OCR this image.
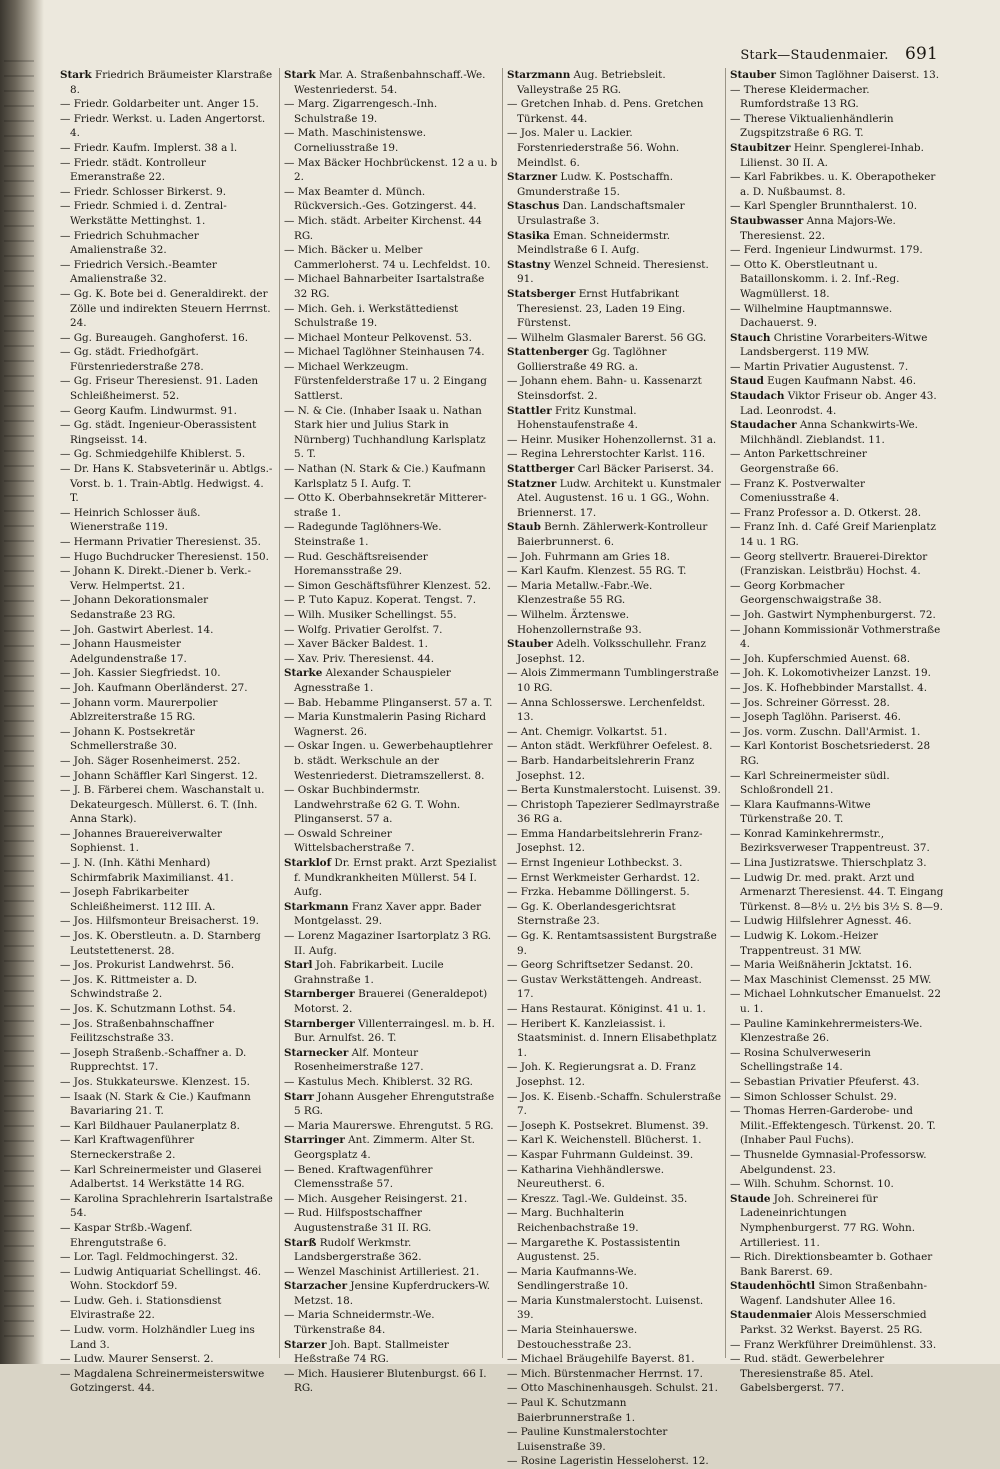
Stark—Staudenmaier. 691

Stark Friedrich Bräumeister Klarstraße 8.

— Friedr. Goldarbeiter unt. Anger 15.

— Friedr. Werkst. u. Laden Angertorst. 4.

— Friedr. Kaufm. Implerst. 38 a l.

— Friedr. städt. Kontrolleur Emeranstraße 22.

— Friedr. Schlosser Birkerst. 9.

— Friedr. Schmied i. d. Zentral-Werkstätte Mettinghst. 1.

— Friedrich Schuhmacher Amalienstraße 32.

— Friedrich Versich.-Beamter Amalienstraße 32.

— Gg. K. Bote bei d. Generaldirekt. der Zölle und indirekten Steuern Herrnst. 24.

— Gg. Bureaugeh. Ganghoferst. 16.

— Gg. städt. Friedhofgärt. Fürstenriederstraße 278.

— Gg. Friseur Theresienst. 91. Laden Schleißheimerst. 52.

— Georg Kaufm. Lindwurmst. 91.

— Gg. städt. Ingenieur-Oberassistent Ringseisst. 14.

— Gg. Schmiedgehilfe Khiblerst. 5.

— Dr. Hans K. Stabsveterinär u. Abtlgs.-Vorst. b. 1. Train-Abtlg. Hedwigst. 4. T.

— Heinrich Schlosser äuß. Wienerstraße 119.

— Hermann Privatier Theresienst. 35.

— Hugo Buchdrucker Theresienst. 150.

— Johann K. Direkt.-Diener b. Verk.-Verw. Helmpertst. 21.

— Johann Dekorationsmaler Sedanstraße 23 RG.

— Joh. Gastwirt Aberlest. 14.

— Johann Hausmeister Adelgundenstraße 17.

— Joh. Kassier Siegfriedst. 10.

— Joh. Kaufmann Oberländerst. 27.

— Johann vorm. Maurerpolier Ablzreiterstraße 15 RG.

— Johann K. Postsekretär Schmellerstraße 30.

— Joh. Säger Rosenheimerst. 252.

— Johann Schäffler Karl Singerst. 12.

— J. B. Färberei chem. Waschanstalt u. Dekateurgesch. Müllerst. 6. T. (Inh. Anna Stark).

— Johannes Brauereiverwalter Sophienst. 1.

— J. N. (Inh. Käthi Menhard) Schirmfabrik Maximilianst. 41.

— Joseph Fabrikarbeiter Schleißheimerst. 112 III. A.

— Jos. Hilfsmonteur Breisacherst. 19.

— Jos. K. Oberstleutn. a. D. Starnberg Leutstettenerst. 28.

— Jos. Prokurist Landwehrst. 56.

— Jos. K. Rittmeister a. D. Schwindstraße 2.

— Jos. K. Schutzmann Lothst. 54.

— Jos. Straßenbahnschaffner Feilitzschstraße 33.

— Joseph Straßenb.-Schaffner a. D. Rupprechtst. 17.

— Jos. Stukkateurswe. Klenzest. 15.

— Isaak (N. Stark & Cie.) Kaufmann Bavariaring 21. T.

— Karl Bildhauer Paulanerplatz 8.

— Karl Kraftwagenführer Sterneckerstraße 2.

— Karl Schreinermeister und Glaserei Adalbertst. 14 Werkstätte 14 RG.

— Karolina Sprachlehrerin Isartalstraße 54.

— Kaspar Strßb.-Wagenf. Ehrengutstraße 6.

— Lor. Tagl. Feldmochingerst. 32.

— Ludwig Antiquariat Schellingst. 46. Wohn. Stockdorf 59.

— Ludw. Geh. i. Stationsdienst Elvirastraße 22.

— Ludw. vorm. Holzhändler Lueg ins Land 3.

— Ludw. Maurer Senserst. 2.

— Magdalena Schreinermeisterswitwe Gotzingerst. 44.

Stark Mar. A. Straßenbahnschaff.-We. Westenriederst. 54.

— Marg. Zigarrengesch.-Inh. Schulstraße 19.

— Math. Maschinistenswe. Corneliusstraße 19.

— Max Bäcker Hochbrückenst. 12 a u. b 2.

— Max Beamter d. Münch. Rückversich.-Ges. Gotzingerst. 44.

— Mich. städt. Arbeiter Kirchenst. 44 RG.

— Mich. Bäcker u. Melber Cammerloherst. 74 u. Lechfeldst. 10.

— Michael Bahnarbeiter Isartalstraße 32 RG.

— Mich. Geh. i. Werkstättedienst Schulstraße 19.

— Michael Monteur Pelkovenst. 53.

— Michael Taglöhner Steinhausen 74.

— Michael Werkzeugm. Fürstenfelderstraße 17 u. 2 Eingang Sattlerst.

— N. & Cie. (Inhaber Isaak u. Nathan Stark hier und Julius Stark in Nürnberg) Tuchhandlung Karlsplatz 5. T.

— Nathan (N. Stark & Cie.) Kaufmann Karlsplatz 5 I. Aufg. T.

— Otto K. Oberbahnsekretär Mitterer-straße 1.

— Radegunde Taglöhners-We. Steinstraße 1.

— Rud. Geschäftsreisender Horemansstraße 29.

— Simon Geschäftsführer Klenzest. 52.

— P. Tuto Kapuz. Koperat. Tengst. 7.

— Wilh. Musiker Schellingst. 55.

— Wolfg. Privatier Gerolfst. 7.

— Xaver Bäcker Baldest. 1.

— Xav. Priv. Theresienst. 44.

Starke Alexander Schauspieler Agnesstraße 1.

— Bab. Hebamme Plinganserst. 57 a. T.

— Maria Kunstmalerin Pasing Richard Wagnerst. 26.

— Oskar Ingen. u. Gewerbehauptlehrer b. städt. Werkschule an der Westenriederst. Dietramszellerst. 8.

— Oskar Buchbindermstr. Landwehrstraße 62 G. T. Wohn. Plinganserst. 57 a.

— Oswald Schreiner Wittelsbacherstraße 7.

Starklof Dr. Ernst prakt. Arzt Spezialist f. Mundkrankheiten Müllerst. 54 I. Aufg.

Starkmann Franz Xaver appr. Bader Montgelasst. 29.

— Lorenz Magaziner Isartorplatz 3 RG. II. Aufg.

Starl Joh. Fabrikarbeit. Lucile Grahnstraße 1.

Starnberger Brauerei (Generaldepot) Motorst. 2.

Starnberger Villenterraingesl. m. b. H. Bur. Arnulfst. 26. T.

Starnecker Alf. Monteur Rosenheimerstraße 127.

— Kastulus Mech. Khiblerst. 32 RG.

Starr Johann Ausgeher Ehrengutstraße 5 RG.

— Maria Maurerswe. Ehrengutst. 5 RG.

Starringer Ant. Zimmerm. Alter St. Georgsplatz 4.

— Bened. Kraftwagenführer Clemensstraße 57.

— Mich. Ausgeher Reisingerst. 21.

— Rud. Hilfspostschaffner Augustenstraße 31 II. RG.

Starß Rudolf Werkmstr. Landsbergerstraße 362.

— Wenzel Maschinist Artilleriest. 21.

Starzacher Jensine Kupferdruckers-W. Metzst. 18.

— Maria Schneidermstr.-We. Türkenstraße 84.

Starzer Joh. Bapt. Stallmeister Heßstraße 74 RG.

— Mich. Hausierer Blutenburgst. 66 I. RG.

Starzmann Aug. Betriebsleit. Valleystraße 25 RG.

— Gretchen Inhab. d. Pens. Gretchen Türkenst. 44.

— Jos. Maler u. Lackier. Forstenriederstraße 56. Wohn. Meindlst. 6.

Starzner Ludw. K. Postschaffn. Gmunderstraße 15.

Staschus Dan. Landschaftsmaler Ursulastraße 3.

Stasika Eman. Schneidermstr. Meindlstraße 6 I. Aufg.

Stastny Wenzel Schneid. Theresienst. 91.

Statsberger Ernst Hutfabrikant Theresienst. 23, Laden 19 Eing. Fürstenst.

— Wilhelm Glasmaler Barerst. 56 GG.

Stattenberger Gg. Taglöhner Gollierstraße 49 RG. a.

— Johann ehem. Bahn- u. Kassenarzt Steinsdorfst. 2.

Stattler Fritz Kunstmal. Hohenstaufenstraße 4.

— Heinr. Musiker Hohenzollernst. 31 a.

— Regina Lehrerstochter Karlst. 116.

Stattberger Carl Bäcker Pariserst. 34.

Statzner Ludw. Architekt u. Kunstmaler Atel. Augustenst. 16 u. 1 GG., Wohn. Briennerst. 17.

Staub Bernh. Zählerwerk-Kontrolleur Baierbrunnerst. 6.

— Joh. Fuhrmann am Gries 18.

— Karl Kaufm. Klenzest. 55 RG. T.

— Maria Metallw.-Fabr.-We. Klenzestraße 55 RG.

— Wilhelm. Ärztenswe. Hohenzollernstraße 93.

Stauber Adelh. Volksschullehr. Franz Josephst. 12.

— Alois Zimmermann Tumblingerstraße 10 RG.

— Anna Schlosserswe. Lerchenfeldst. 13.

— Ant. Chemigr. Volkartst. 51.

— Anton städt. Werkführer Oefelest. 8.

— Barb. Handarbeitslehrerin Franz Josephst. 12.

— Berta Kunstmalerstocht. Luisenst. 39.

— Christoph Tapezierer Sedlmayrstraße 36 RG a.

— Emma Handarbeitslehrerin Franz-Josephst. 12.

— Ernst Ingenieur Lothbeckst. 3.

— Ernst Werkmeister Gerhardst. 12.

— Frzka. Hebamme Döllingerst. 5.

— Gg. K. Oberlandesgerichtsrat Sternstraße 23.

— Gg. K. Rentamtsassistent Burgstraße 9.

— Georg Schriftsetzer Sedanst. 20.

— Gustav Werkstättengeh. Andreast. 17.

— Hans Restaurat. Königinst. 41 u. 1.

— Heribert K. Kanzleiassist. i. Staatsminist. d. Innern Elisabethplatz 1.

— Joh. K. Regierungsrat a. D. Franz Josephst. 12.

— Jos. K. Eisenb.-Schaffn. Schulerstraße 7.

— Joseph K. Postsekret. Blumenst. 39.

— Karl K. Weichenstell. Blücherst. 1.

— Kaspar Fuhrmann Guldeinst. 39.

— Katharina Viehhändlerswe. Neureutherst. 6.

— Kreszz. Tagl.-We. Guldeinst. 35.

— Marg. Buchhalterin Reichenbachstraße 19.

— Margarethe K. Postassistentin Augustenst. 25.

— Maria Kaufmanns-We. Sendlingerstraße 10.

— Maria Kunstmalerstocht. Luisenst. 39.

— Maria Steinhauerswe. Destouchesstraße 23.

— Michael Bräugehilfe Bayerst. 81.

— Mich. Bürstenmacher Herrnst. 17.

— Otto Maschinenhausgeh. Schulst. 21.

— Paul K. Schutzmann Baierbrunnerstraße 1.

— Pauline Kunstmalerstochter Luisenstraße 39.

— Rosine Lageristin Hesseloherst. 12.

Stauber Simon Taglöhner Daiserst. 13.

— Therese Kleidermacher. Rumfordstraße 13 RG.

— Therese Viktualienhändlerin Zugspitzstraße 6 RG. T.

Staubitzer Heinr. Spenglerei-Inhab. Lilienst. 30 II. A.

— Karl Fabrikbes. u. K. Oberapotheker a. D. Nußbaumst. 8.

— Karl Spengler Brunnthalerst. 10.

Staubwasser Anna Majors-We. Theresienst. 22.

— Ferd. Ingenieur Lindwurmst. 179.

— Otto K. Oberstleutnant u. Bataillonskomm. i. 2. Inf.-Reg. Wagmüllerst. 18.

— Wilhelmine Hauptmannswe. Dachauerst. 9.

Stauch Christine Vorarbeiters-Witwe Landsbergerst. 119 MW.

— Martin Privatier Augustenst. 7.

Staud Eugen Kaufmann Nabst. 46.

Staudach Viktor Friseur ob. Anger 43. Lad. Leonrodst. 4.

Staudacher Anna Schankwirts-We. Milchhändl. Zieblandst. 11.

— Anton Parkettschreiner Georgenstraße 66.

— Franz K. Postverwalter Comeniusstraße 4.

— Franz Professor a. D. Otkerst. 28.

— Franz Inh. d. Café Greif Marienplatz 14 u. 1 RG.

— Georg stellvertr. Brauerei-Direktor (Franziskan. Leistbräu) Hochst. 4.

— Georg Korbmacher Georgenschwaigstraße 38.

— Joh. Gastwirt Nymphenburgerst. 72.

— Johann Kommissionär Vothmerstraße 4.

— Joh. Kupferschmied Auenst. 68.

— Joh. K. Lokomotivheizer Lanzst. 19.

— Jos. K. Hofhebbinder Marstallst. 4.

— Jos. Schreiner Görresst. 28.

— Joseph Taglöhn. Pariserst. 46.

— Jos. vorm. Zuschn. Dall'Armist. 1.

— Karl Kontorist Boschetsriederst. 28 RG.

— Karl Schreinermeister südl. Schloßrondell 21.

— Klara Kaufmanns-Witwe Türkenstraße 20. T.

— Konrad Kaminkehrermstr., Bezirksverweser Trappentreust. 37.

— Lina Justizratswe. Thierschplatz 3.

— Ludwig Dr. med. prakt. Arzt und Armenarzt Theresienst. 44. T. Eingang Türkenst. 8—8½ u. 2½ bis 3½ S. 8—9.

— Ludwig Hilfslehrer Agnesst. 46.

— Ludwig K. Lokom.-Heizer Trappentreust. 31 MW.

— Maria Weißnäherin Jcktatst. 16.

— Max Maschinist Clemensst. 25 MW.

— Michael Lohnkutscher Emanuelst. 22 u. 1.

— Pauline Kaminkehrermeisters-We. Klenzestraße 26.

— Rosina Schulverweserin Schellingstraße 14.

— Sebastian Privatier Pfeuferst. 43.

— Simon Schlosser Schulst. 29.

— Thomas Herren-Garderobe- und Milit.-Effektengesch. Türkenst. 20. T. (Inhaber Paul Fuchs).

— Thusnelde Gymnasial-Professorsw. Abelgundenst. 23.

— Wilh. Schuhm. Schornst. 10.

Staude Joh. Schreinerei für Ladeneinrichtungen Nymphenburgerst. 77 RG. Wohn. Artilleriest. 11.

— Rich. Direktionsbeamter b. Gothaer Bank Barerst. 69.

Staudenhöchtl Simon Straßenbahn-Wagenf. Landshuter Allee 16.

Staudenmaier Alois Messerschmied Parkst. 32 Werkst. Bayerst. 25 RG.

— Franz Werkführer Dreimühlenst. 33.

— Rud. städt. Gewerbelehrer Theresienstraße 85. Atel. Gabelsbergerst. 77.
